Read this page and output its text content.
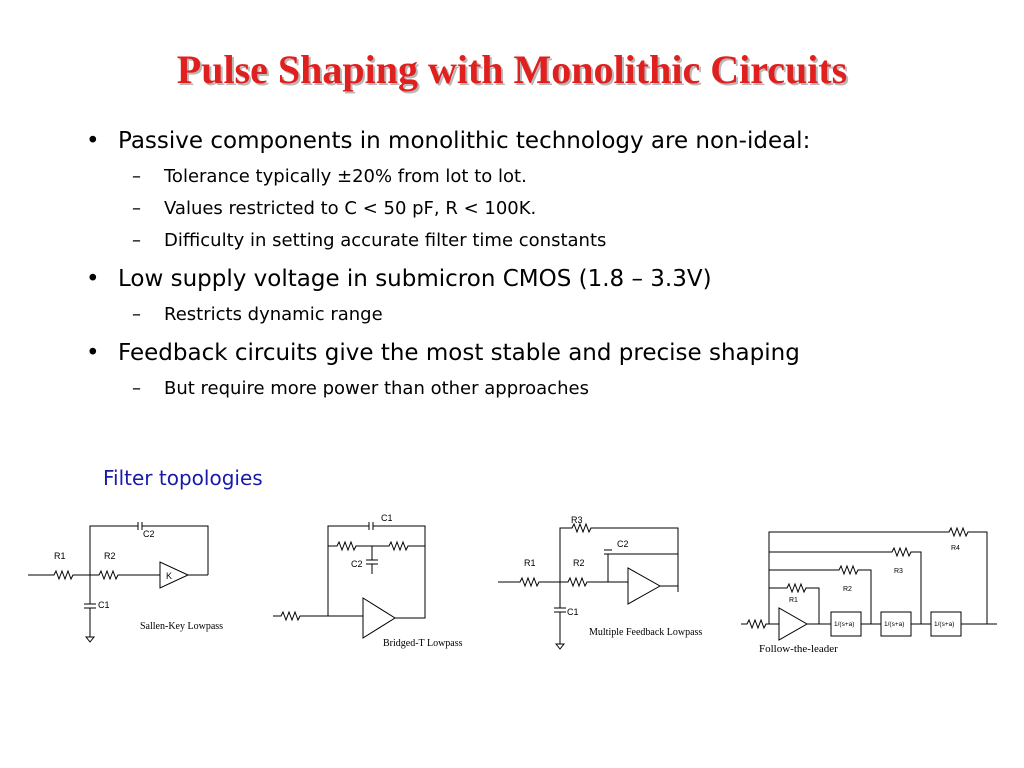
Pulse Shaping with Monolithic Circuits
• Passive components in monolithic technology are non-ideal:
– Tolerance typically ±20% from lot to lot.
– Values restricted to C < 50 pF, R < 100K.
– Difficulty in setting accurate filter time constants
• Low supply voltage in submicron CMOS (1.8 – 3.3V)
– Restricts dynamic range
• Feedback circuits give the most stable and precise shaping
– But require more power than other approaches
Filter topologies
R1	R2
C1
C2
K
Sallen-Key Lowpass
C1
C2
Bridged-T Lowpass
R1	R2
R3
C1
C2
Multiple Feedback Lowpass
R1
R2
R3
R4
1/(s+a)	1/(s+a)	1/(s+a)
Follow-the-leader
